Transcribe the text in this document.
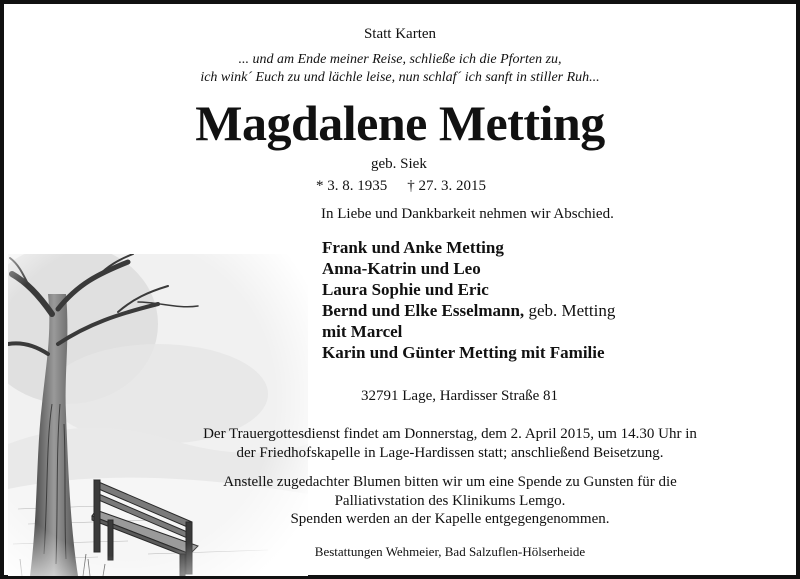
Statt Karten
... und am Ende meiner Reise, schließe ich die Pforten zu,
ich wink´ Euch zu und lächle leise, nun schlaf´ ich sanft in stiller Ruh...
Magdalene Metting
geb. Siek
* 3. 8. 1935 † 27. 3. 2015
In Liebe und Dankbarkeit nehmen wir Abschied.
Frank und Anke Metting
Anna-Katrin und Leo
Laura Sophie und Eric
Bernd und Elke Esselmann, geb. Metting
mit Marcel
Karin und Günter Metting mit Familie
32791 Lage, Hardisser Straße 81
Der Trauergottesdienst findet am Donnerstag, dem 2. April 2015, um 14.30 Uhr in
der Friedhofskapelle in Lage-Hardissen statt; anschließend Beisetzung.
Anstelle zugedachter Blumen bitten wir um eine Spende zu Gunsten für die
Palliativstation des Klinikums Lemgo.
Spenden werden an der Kapelle entgegengenommen.
Bestattungen Wehmeier, Bad Salzuflen-Hölserheide
